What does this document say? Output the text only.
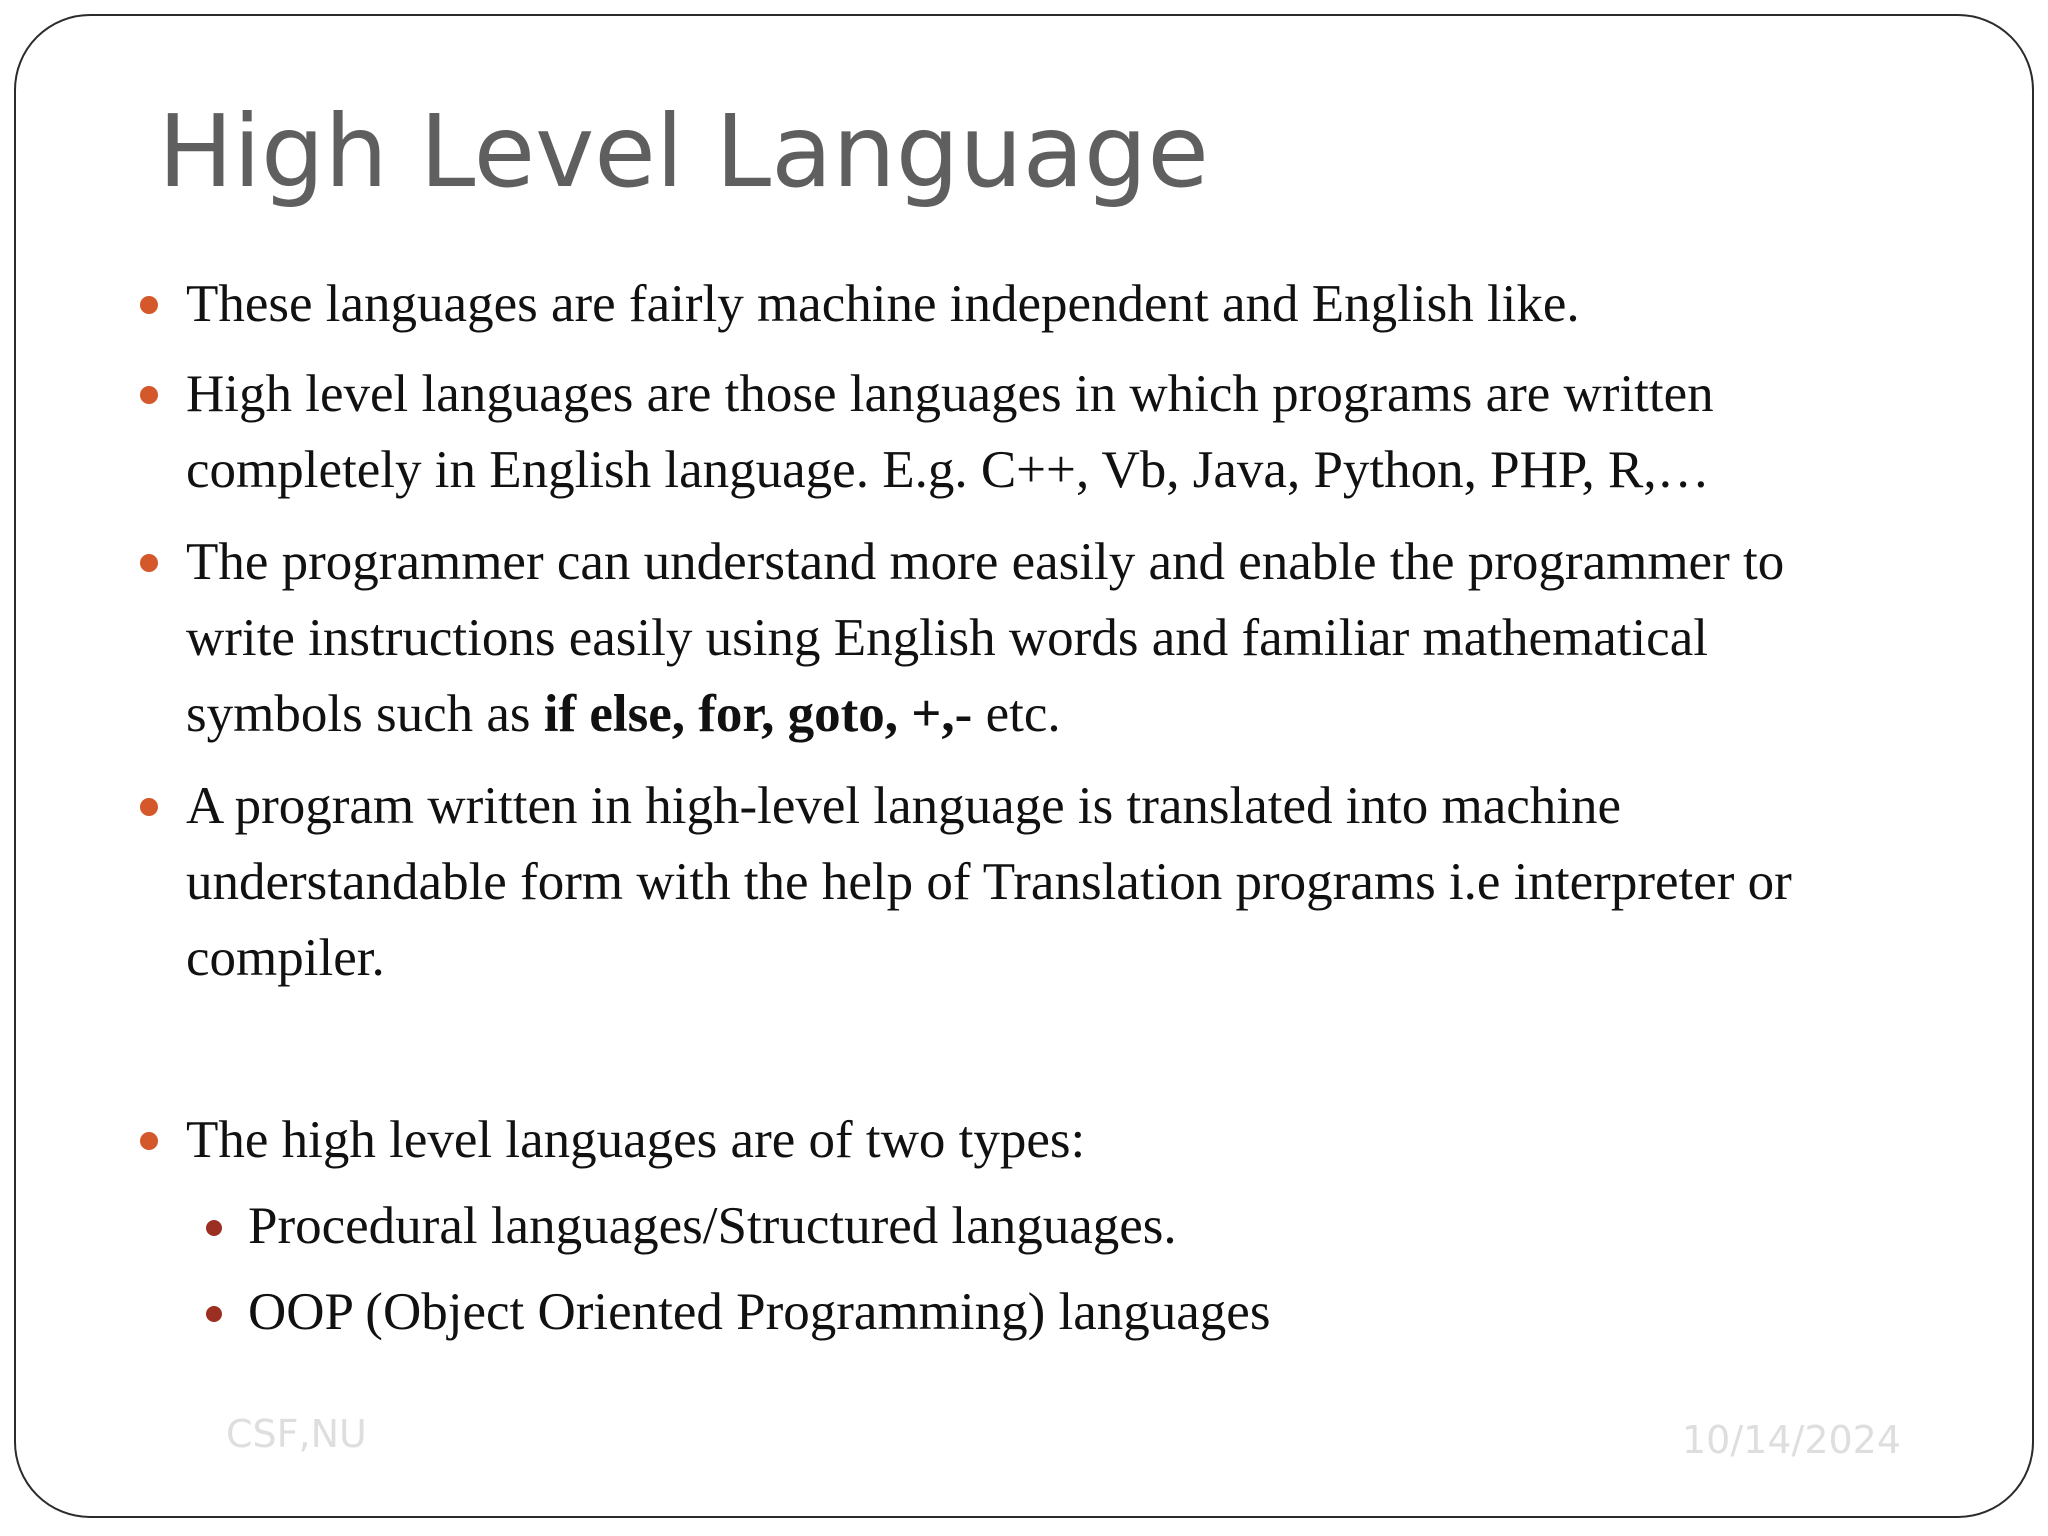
High Level Language
These languages are fairly machine independent and English like.
High level languages are those languages in which programs are written
completely in English language. E.g. C++, Vb, Java, Python, PHP, R,…
The programmer can understand more easily and enable the programmer to
write instructions easily using English words and familiar mathematical
symbols such as if else, for, goto, +,- etc.
A program written in high-level language is translated into machine
understandable form with the help of Translation programs i.e interpreter or
compiler.
The high level languages are of two types:
Procedural languages/Structured languages.
OOP (Object Oriented Programming) languages
CSF,NU	10/14/2024
